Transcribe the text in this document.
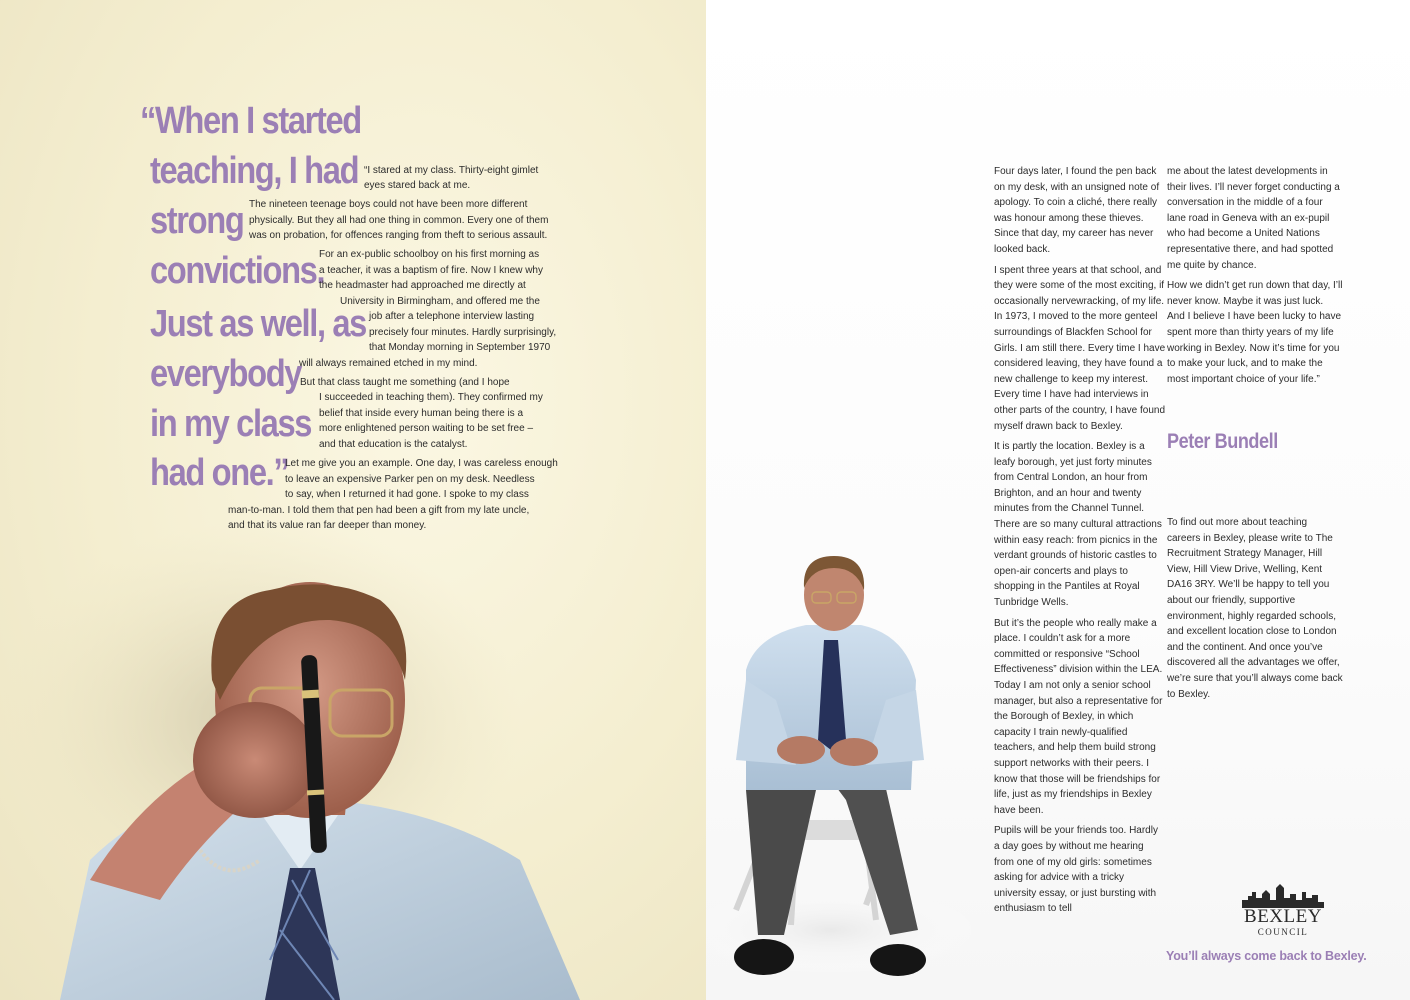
“When I started

teaching, I had

strong

convictions.

Just as well, as

everybody

in my class

had one.”

“I stared at my class. Thirty-eight gimlet

eyes stared back at me.

The nineteen teenage boys could not have been more different

physically. But they all had one thing in common. Every one of them

was on probation, for offences ranging from theft to serious assault.

For an ex-public schoolboy on his first morning as

a teacher, it was a baptism of fire. Now I knew why

the headmaster had approached me directly at

University in Birmingham, and offered me the

job after a telephone interview lasting

precisely four minutes. Hardly surprisingly,

that Monday morning in September 1970

will always remained etched in my mind.

But that class taught me something (and I hope

I succeeded in teaching them). They confirmed my

belief that inside every human being there is a

more enlightened person waiting to be set free –

and that education is the catalyst.

Let me give you an example. One day, I was careless enough

to leave an expensive Parker pen on my desk. Needless

to say, when I returned it had gone. I spoke to my class

man-to-man. I told them that pen had been a gift from my late uncle,

and that its value ran far deeper than money.

Four days later, I found the pen back on my desk, with an unsigned note of apology. To coin a cliché, there really was honour among these thieves. Since that day, my career has never looked back.

I spent three years at that school, and they were some of the most exciting, if occasionally nervewracking, of my life. In 1973, I moved to the more genteel surroundings of Blackfen School for Girls. I am still there. Every time I have considered leaving, they have found a new challenge to keep my interest. Every time I have had interviews in other parts of the country, I have found myself drawn back to Bexley.

It is partly the location. Bexley is a leafy borough, yet just forty minutes from Central London, an hour from Brighton, and an hour and twenty minutes from the Channel Tunnel. There are so many cultural attractions within easy reach: from picnics in the verdant grounds of historic castles to open-air concerts and plays to shopping in the Pantiles at Royal Tunbridge Wells.

But it’s the people who really make a place. I couldn’t ask for a more committed or responsive “School Effectiveness” division within the LEA. Today I am not only a senior school manager, but also a representative for the Borough of Bexley, in which capacity I train newly-qualified teachers, and help them build strong support networks with their peers. I know that those will be friendships for life, just as my friendships in Bexley have been.

Pupils will be your friends too. Hardly a day goes by without me hearing from one of my old girls: sometimes asking for advice with a tricky university essay, or just bursting with enthusiasm to tell

me about the latest developments in their lives. I’ll never forget conducting a conversation in the middle of a four lane road in Geneva with an ex-pupil who had become a United Nations representative there, and had spotted me quite by chance.

How we didn’t get run down that day, I’ll never know. Maybe it was just luck. And I believe I have been lucky to have spent more than thirty years of my life working in Bexley. Now it’s time for you to make your luck, and to make the most important choice of your life.”

Peter Bundell

To find out more about teaching careers in Bexley, please write to The Recruitment Strategy Manager, Hill View, Hill View Drive, Welling, Kent DA16 3RY. We’ll be happy to tell you about our friendly, supportive environment, highly regarded schools, and excellent location close to London and the continent. And once you’ve discovered all the advantages we offer, we’re sure that you’ll always come back to Bexley.

BEXLEY

COUNCIL

You’ll always come back to Bexley.
